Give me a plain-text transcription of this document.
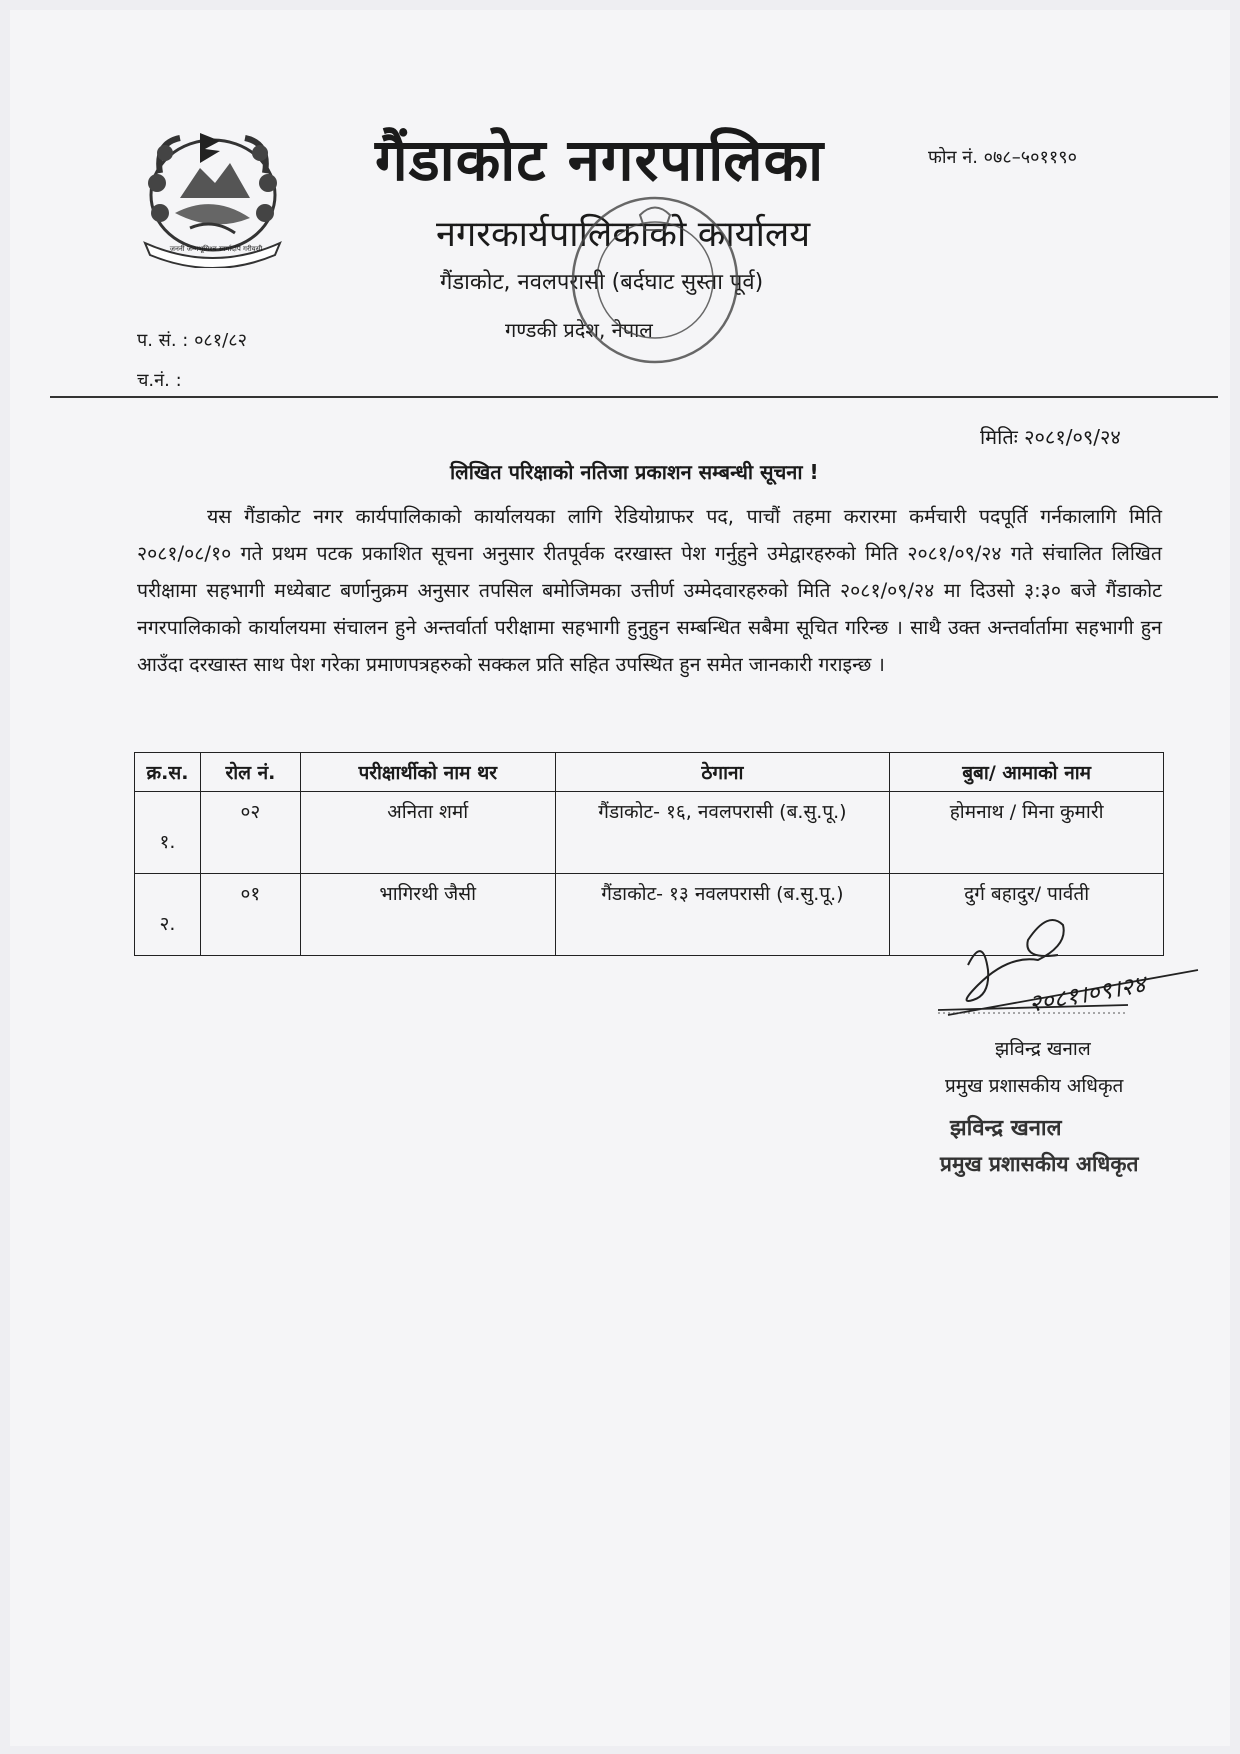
जननी जन्मभूमिश्च स्वर्गादपि गरीयसी
गैंडाकोट नगरपालिका	फोन नं. ०७८–५०११९०
नगरकार्यपालिकाको कार्यालय
गैंडाकोट, नवलपरासी (बर्दघाट सुस्ता पूर्व)
गण्डकी प्रदेश, नेपाल
प. सं. : ०८१/८२
च.नं. :
मितिः २०८१/०९/२४
लिखित परिक्षाको नतिजा प्रकाशन सम्बन्धी सूचना !
यस गैंडाकोट नगर कार्यपालिकाको कार्यालयका लागि रेडियोग्राफर पद, पाचौं तहमा करारमा कर्मचारी पदपूर्ति गर्नकालागि मिति २०८१/०८/१० गते प्रथम पटक प्रकाशित सूचना अनुसार रीतपूर्वक दरखास्त पेश गर्नुहुने उमेद्वारहरुको मिति २०८१/०९/२४ गते संचालित लिखित परीक्षामा सहभागी मध्येबाट बर्णानुक्रम अनुसार तपसिल बमोजिमका उत्तीर्ण उम्मेदवारहरुको मिति २०८१/०९/२४ मा दिउसो ३:३० बजे गैंडाकोट नगरपालिकाको कार्यालयमा संचालन हुने अन्तर्वार्ता परीक्षामा सहभागी हुनुहुन सम्बन्धित सबैमा सूचित गरिन्छ । साथै उक्त अन्तर्वार्तामा सहभागी हुन आउँदा दरखास्त साथ पेश गरेका प्रमाणपत्रहरुको सक्कल प्रति सहित उपस्थित हुन समेत जानकारी गराइन्छ ।
क्र.स.	रोल नं.	परीक्षार्थीको नाम थर	ठेगाना	बुबा/ आमाको नाम
१.	०२	अनिता शर्मा	गैंडाकोट- १६, नवलपरासी (ब.सु.पू.)	होमनाथ / मिना कुमारी
२.	०१	भागिरथी जैसी	गैंडाकोट- १३ नवलपरासी (ब.सु.पू.)	दुर्ग बहादुर/ पार्वती
२०८१।०९।२४
झविन्द्र खनाल
प्रमुख प्रशासकीय अधिकृत
झविन्द्र खनाल
प्रमुख प्रशासकीय अधिकृत
